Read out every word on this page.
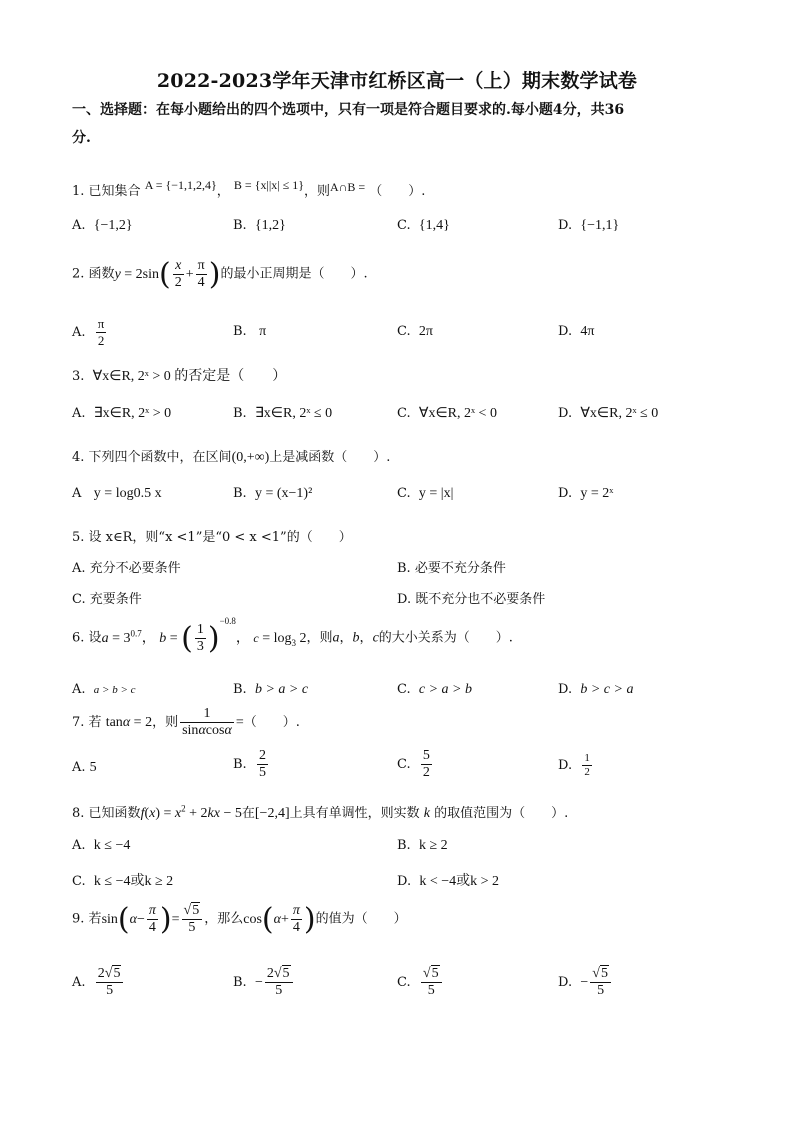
2022-2023学年天津市红桥区高一（上）期末数学试卷
一、选择题：在每小题给出的四个选项中，只有一项是符合题目要求的.每小题4分，共36
分.
1. 已知集合 A = {−1,1,2,4}， B = {x||x| ≤ 1}，则A∩B = （　　）.
A. {−1,2}	B. {1,2}	C. {1,4}	D. {−1,1}
2. 函数$y = 2\sin( \frac{x}{2} + \frac{\pi}{4}$ )的最小正周期是（　　）.
A. $\frac{\pi}{2}$	B. π	C. 2π	D. 4π
3. ∀x∈R, 2ˣ > 0 的否定是（　　）
A. ∃x∈R, 2ˣ > 0	B. ∃x∈R, 2ˣ ≤ 0	C. ∀x∈R, 2ˣ < 0	D. ∀x∈R, 2ˣ ≤ 0
4. 下列四个函数中，在区间(0,+∞)上是减函数（　　）.
A y = log0.5 x	B. y = (x−1)²	C. y = |x|	D. y = 2ˣ
5. 设 x∈R，则“x <1”是“0 < x <1”的（　　）
A. 充分不必要条件	B. 必要不充分条件
C. 充要条件	D. 既不充分也不必要条件
6. 设$a = 3^{0.7}$， b = ( $\frac{1}{3} )^{-0.8}$， $c = \log_3 2$，则a，b，c的大小关系为（　　）.
A. a > b > c	B. b > a > c	C. c > a > b	D. b > c > a
7. 若 tanα = 2，则 $\frac{1}{\sin\alpha\cos\alpha}$ =（　　）.
A. 5	B. $\frac{2}{5}$	C. $\frac{5}{2}$	D. $\frac{1}{2}$
8. 已知函数$f(x) = x^2 + 2kx - 5$在[−2,4]上具有单调性，则实数 k 的取值范围为（　　）.
A. k ≤ −4	B. k ≥ 2
C. k ≤ −4或k ≥ 2	D. k < −4或k > 2
9. 若$\sin(\alpha- \frac{\pi}{4}$ )= $\frac{√5}{5}$ ，那么$\cos(\alpha+ \frac{\pi}{4}$ )的值为（　　）
A. $\frac{2√5}{5}$	B. − $\frac{2√5}{5}$	C. $\frac{√5}{5}$	D. − $\frac{√5}{5}$
